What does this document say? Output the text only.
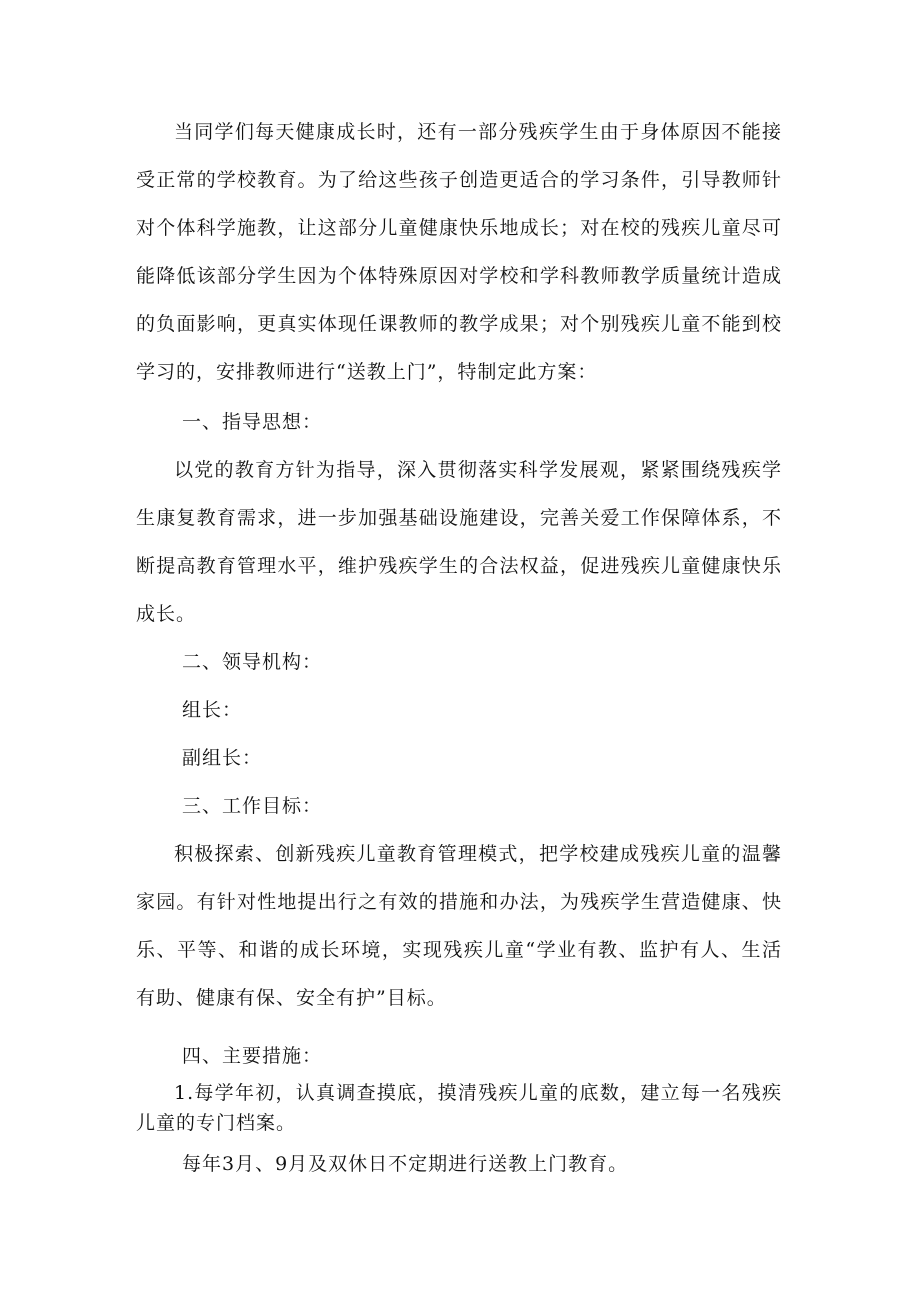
当同学们每天健康成长时，还有一部分残疾学生由于身体原因不能接受正常的学校教育。为了给这些孩子创造更适合的学习条件，引导教师针对个体科学施教，让这部分儿童健康快乐地成长；对在校的残疾儿童尽可能降低该部分学生因为个体特殊原因对学校和学科教师教学质量统计造成的负面影响，更真实体现任课教师的教学成果；对个别残疾儿童不能到校学习的，安排教师进行“送教上门”，特制定此方案：

一、指导思想：

以党的教育方针为指导，深入贯彻落实科学发展观，紧紧围绕残疾学生康复教育需求，进一步加强基础设施建设，完善关爱工作保障体系，不断提高教育管理水平，维护残疾学生的合法权益，促进残疾儿童健康快乐成长。

二、领导机构：

组长：

副组长：

三、工作目标：

积极探索、创新残疾儿童教育管理模式，把学校建成残疾儿童的温馨家园。有针对性地提出行之有效的措施和办法，为残疾学生营造健康、快乐、平等、和谐的成长环境，实现残疾儿童“学业有教、监护有人、生活有助、健康有保、安全有护”目标。

四、主要措施：

1.每学年初，认真调查摸底，摸清残疾儿童的底数，建立每一名残疾儿童的专门档案。

每年3月、9月及双休日不定期进行送教上门教育。
